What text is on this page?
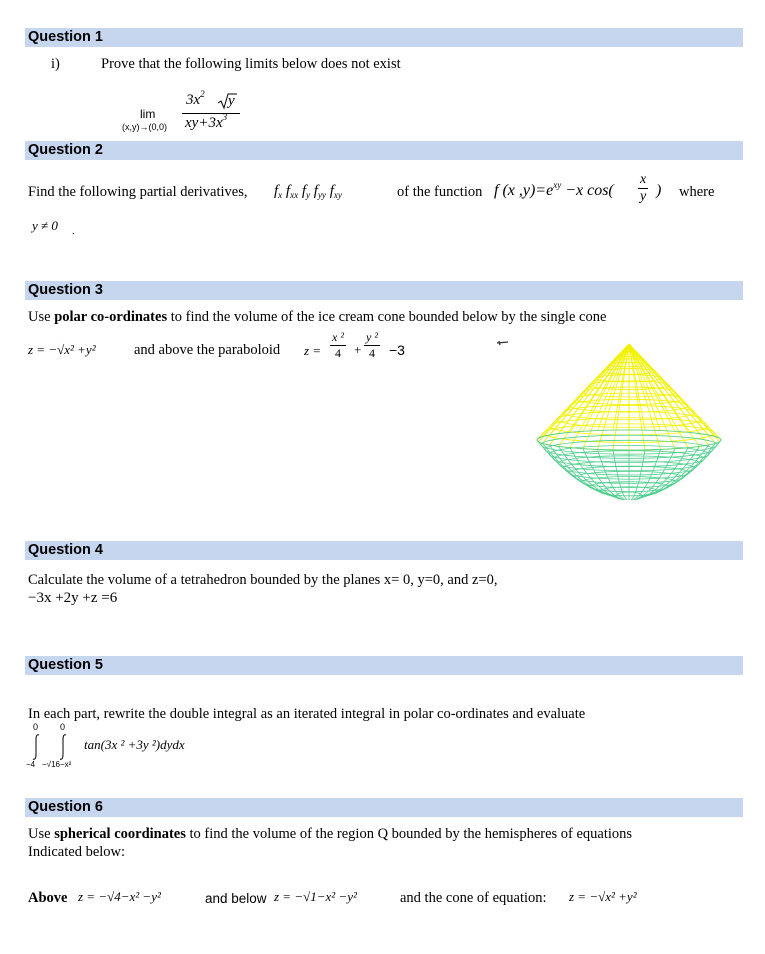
Question 1
i)	Prove that the following limits below does not exist
lim
(x,y)→(0,0)
$3x^2$ y
$xy+3x^3$
Question 2
Find the following partial derivatives, $f_x$ $f_{xx}$ $f_y$ $f_{yy}$ $f_{xy}$	of the function f (x $,y)=e^{xy} -x$ $\cos( \frac{x}{y}$ ) where
y ≠ 0 .
Question 3
Use polar co-ordinates to find the volume of the ice cream cone bounded below by the single cone
z = −√x² +y²	and above the paraboloid $z = \frac{\text{x ²}}{4} + \frac{\text{y ²}}{4} -3$
Question 4
Calculate the volume of a tetrahedron bounded by the planes x= 0, y=0, and z=0,
−3x +2y +z =6
Question 5
In each part, rewrite the double integral as an iterated integral in polar co-ordinates and evaluate
0 0
−4 −√16−x²
tan(3x ² +3y ²)dydx
Question 6
Use spherical coordinates to find the volume of the region Q bounded by the hemispheres of equations
Indicated below:
Above z = −√4−x² −y²	and below z = −√1−x² −y²	and the cone of equation: z = −√x² +y²
